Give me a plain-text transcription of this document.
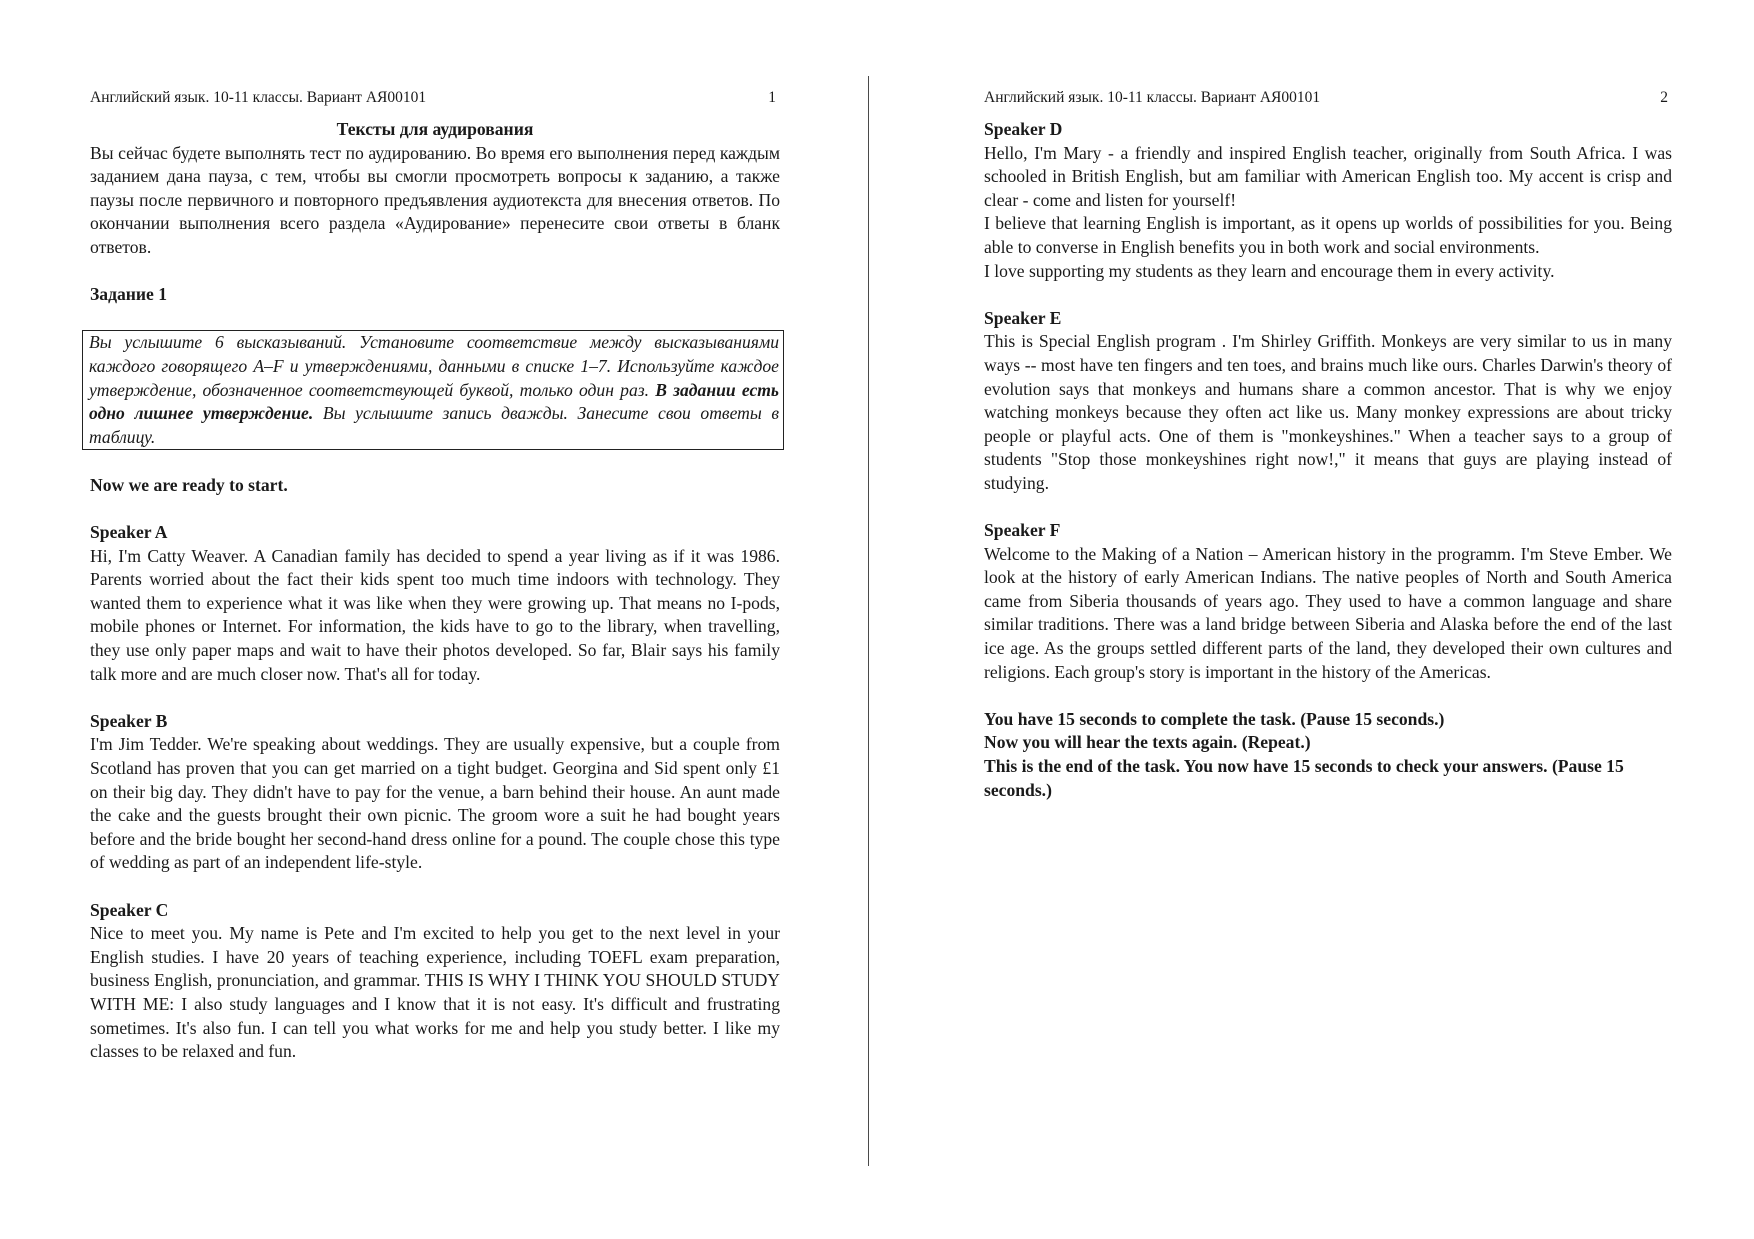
Английский язык. 10-11 классы. Вариант АЯ00101	1

Тексты для аудирования

Вы сейчас будете выполнять тест по аудированию. Во время его выполнения перед каждым заданием дана пауза, с тем, чтобы вы смогли просмотреть вопросы к заданию, а также паузы после первичного и повторного предъявления аудиотекста для внесения ответов. По окончании выполнения всего раздела «Аудирование» перенесите свои ответы в бланк ответов.

Задание 1

Вы услышите 6 высказываний. Установите соответствие между высказываниями каждого говорящего A–F и утверждениями, данными в списке 1–7. Используйте каждое утверждение, обозначенное соответствующей буквой, только один раз. В задании есть одно лишнее утверждение. Вы услышите запись дважды. Занесите свои ответы в таблицу.

Now we are ready to start.

Speaker A

Hi, I'm Catty Weaver. A Canadian family has decided to spend a year living as if it was 1986. Parents worried about the fact their kids spent too much time indoors with technology. They wanted them to experience what it was like when they were growing up. That means no I-pods, mobile phones or Internet. For information, the kids have to go to the library, when travelling, they use only paper maps and wait to have their photos developed. So far, Blair says his family talk more and are much closer now. That's all for today.

Speaker B

I'm Jim Tedder. We're speaking about weddings. They are usually expensive, but a couple from Scotland has proven that you can get married on a tight budget. Georgina and Sid spent only £1 on their big day. They didn't have to pay for the venue, a barn behind their house. An aunt made the cake and the guests brought their own picnic. The groom wore a suit he had bought years before and the bride bought her second-hand dress online for a pound. The couple chose this type of wedding as part of an independent life-style.

Speaker C

Nice to meet you. My name is Pete and I'm excited to help you get to the next level in your English studies. I have 20 years of teaching experience, including TOEFL exam preparation, business English, pronunciation, and grammar. THIS IS WHY I THINK YOU SHOULD STUDY WITH ME: I also study languages and I know that it is not easy. It's difficult and frustrating sometimes. It's also fun. I can tell you what works for me and help you study better. I like my classes to be relaxed and fun.

Английский язык. 10-11 классы. Вариант АЯ00101	2

Speaker D

Hello, I'm Mary - a friendly and inspired English teacher, originally from South Africa. I was schooled in British English, but am familiar with American English too. My accent is crisp and clear - come and listen for yourself!

I believe that learning English is important, as it opens up worlds of possibilities for you. Being able to converse in English benefits you in both work and social environments.

I love supporting my students as they learn and encourage them in every activity.

Speaker E

This is Special English program . I'm Shirley Griffith. Monkeys are very similar to us in many ways -- most have ten fingers and ten toes, and brains much like ours. Charles Darwin's theory of evolution says that monkeys and humans share a common ancestor. That is why we enjoy watching monkeys because they often act like us. Many monkey expressions are about tricky people or playful acts. One of them is "monkeyshines." When a teacher says to a group of students "Stop those monkeyshines right now!," it means that guys are playing instead of studying.

Speaker F

Welcome to the Making of a Nation – American history in the programm. I'm Steve Ember. We look at the history of early American Indians. The native peoples of North and South America came from Siberia thousands of years ago. They used to have a common language and share similar traditions. There was a land bridge between Siberia and Alaska before the end of the last ice age. As the groups settled different parts of the land, they developed their own cultures and religions. Each group's story is important in the history of the Americas.

You have 15 seconds to complete the task. (Pause 15 seconds.)

Now you will hear the texts again. (Repeat.)

This is the end of the task. You now have 15 seconds to check your answers. (Pause 15 seconds.)
